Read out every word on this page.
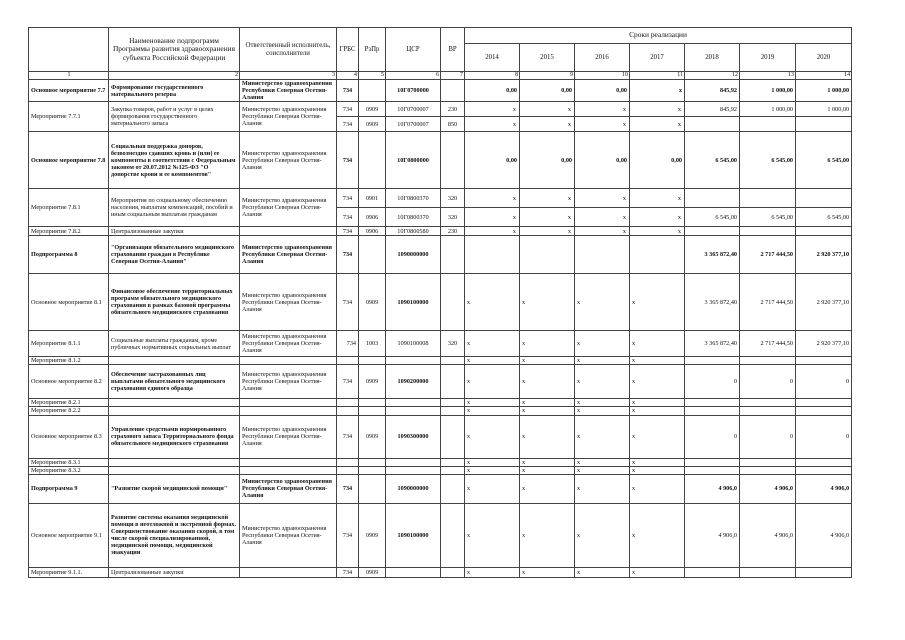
	Наименование подпрограмм Программы развития здравоохранения субъекта Российской Федерации	Ответственный исполнитель, соисполнители	ГРБС	РзПр	ЦСР	ВР	Сроки реализации						
							2014	2015	2016	2017	2018	2019	2020
1	2	3	4	5	6	7	8	9	10	11	12	13	14
Основное мероприятие 7.7	Формирование государственного материального резерва	Министерство здравоохранения Республики Северная Осетия-Алания	734		10Г0700000		0,00	0,00	0,00	х	845,92	1 000,00	1 000,00
Мероприятие 7.7.1	Закупка товаров, работ и услуг в целях формирования государственного материального запаса	Министерство здравоохранения Республики Северная Осетия-Алания	734	0909	10Г0700007	230	х	х	х	х	845,92	1 000,00	1 000,00
			734	0909	10Г0700007	850	х	х	х	х			
Основное мероприятие 7.8	Социальная поддержка доноров, безвозмездно сдавших кровь и (или) ее компоненты в соответствии с Федеральным законом от 20.07.2012 №125-ФЗ "О донорстве крови и ее компонентов"	Министерство здравоохранения Республики Северная Осетия-Алания	734		10Г0800000		0,00	0,00	0,00	0,00	6 545,00	6 545,00	6 545,00
Мероприятие 7.8.1	Мероприятия по социальному обеспечению населения, выплатам компенсаций, пособий и иным социальным выплатам гражданам	Министерство здравоохранения Республики Северная Осетия-Алания	734	0901	10Г0800370	320	х	х	х	х			
			734	0906	10Г0800370	320	х	х	х	х	6 545,00	6 545,00	6 545,00
Мероприятие 7.8.2	Централизованные закупки		734	0906	10Г0800580	230	х	х	х	х			
Подпрограмма 8	"Организация обязательного медицинского страхования граждан в Республике Северная Осетия-Алания"	Министерство здравоохранения Республики Северная Осетия-Алания	734		1090000000						3 365 872,40	2 717 444,50	2 920 377,10
Основное мероприятие 8.1	Финансовое обеспечение территориальных программ обязательного медицинского страхования в рамках базовой программы обязательного медицинского страхования	Министерство здравоохранения Республики Северная Осетия-Алания	734	0909	1090100000		х	х	х	х	3 365 872,40	2 717 444,50	2 920 377,10
Мероприятие 8.1.1	Социальные выплаты гражданам, кроме публичных нормативных социальных выплат	Министерство здравоохранения Республики Северная Осетия-Алания	734	1003	1090100008	320	х	х	х	х	3 365 872,40	2 717 444,50	2 920 377,10
Мероприятие 8.1.2							х	х	х	х			
Основное мероприятие 8.2	Обеспечение застрахованных лиц выплатами обязательного медицинского страхования единого образца	Министерство здравоохранения Республики Северная Осетия-Алания	734	0909	1090200000		х	х	х	х	0	0	0
Мероприятие 8.2.1							х	х	х	х			
Мероприятие 8.2.2							х	х	х	х			
Основное мероприятие 8.3	Управление средствами нормированного страхового запаса Территориального фонда обязательного медицинского страхования	Министерство здравоохранения Республики Северная Осетия-Алания	734	0909	1090300000		х	х	х	х	0	0	0
Мероприятие 8.3.1							х	х	х	х			
Мероприятие 8.3.2							х	х	х	х			
Подпрограмма 9	"Развитие скорой медицинской помощи"	Министерство здравоохранения Республики Северная Осетия-Алания	734		1090000000		х	х	х	х	4 906,0	4 906,0	4 906,0
Основное мероприятие 9.1	Развитие системы оказания медицинской помощи в неотложной и экстренной формах. Совершенствование оказания скорой, в том числе скорой специализированной, медицинской помощи, медицинской эвакуации	Министерство здравоохранения Республики Северная Осетия-Алания	734	0909	1090100000		х	х	х	х	4 906,0	4 906,0	4 906,0
Мероприятие 9.1.1.	Централизованные закупки		734	0909			х	х	х	х			
